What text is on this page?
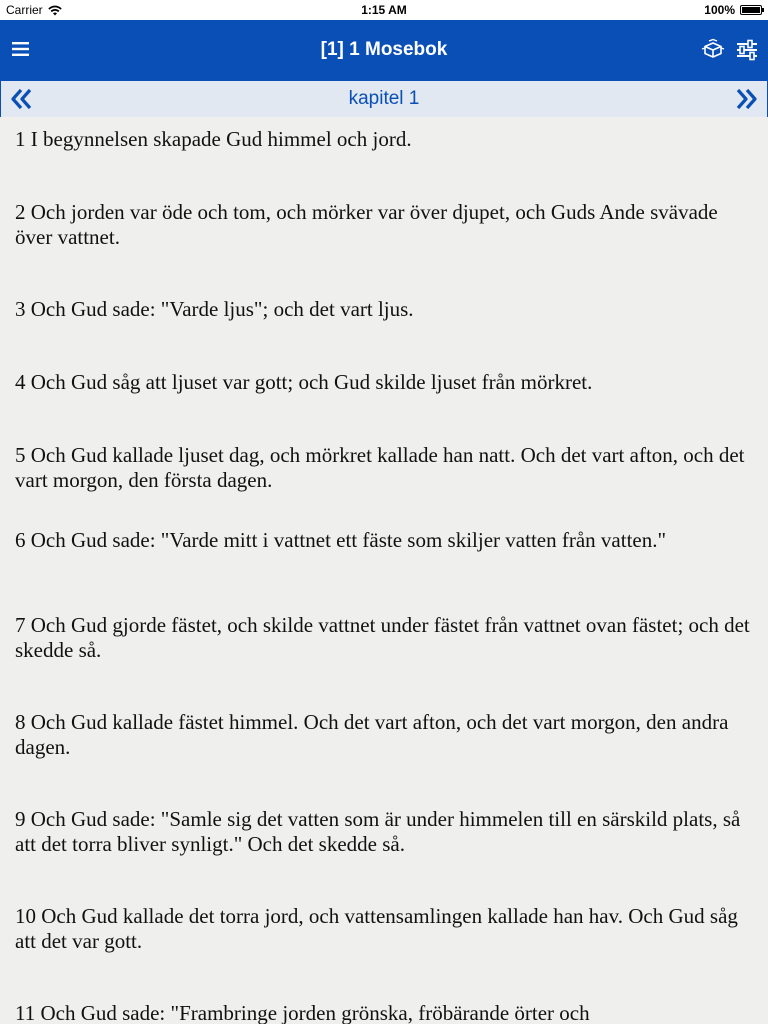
Carrier	1:15 AM	100%
[1] 1 Mosebok
kapitel 1

1 I begynnelsen skapade Gud himmel och jord.

2 Och jorden var öde och tom, och mörker var över djupet, och Guds Ande svävade över vattnet.

3 Och Gud sade: "Varde ljus"; och det vart ljus.

4 Och Gud såg att ljuset var gott; och Gud skilde ljuset från mörkret.

5 Och Gud kallade ljuset dag, och mörkret kallade han natt. Och det vart afton, och det vart morgon, den första dagen.

6 Och Gud sade: "Varde mitt i vattnet ett fäste som skiljer vatten från vatten."

7 Och Gud gjorde fästet, och skilde vattnet under fästet från vattnet ovan fästet; och det skedde så.

8 Och Gud kallade fästet himmel. Och det vart afton, och det vart morgon, den andra dagen.

9 Och Gud sade: "Samle sig det vatten som är under himmelen till en särskild plats, så att det torra bliver synligt." Och det skedde så.

10 Och Gud kallade det torra jord, och vattensamlingen kallade han hav. Och Gud såg att det var gott.

11 Och Gud sade: "Frambringe jorden grönska, fröbärande örter och
